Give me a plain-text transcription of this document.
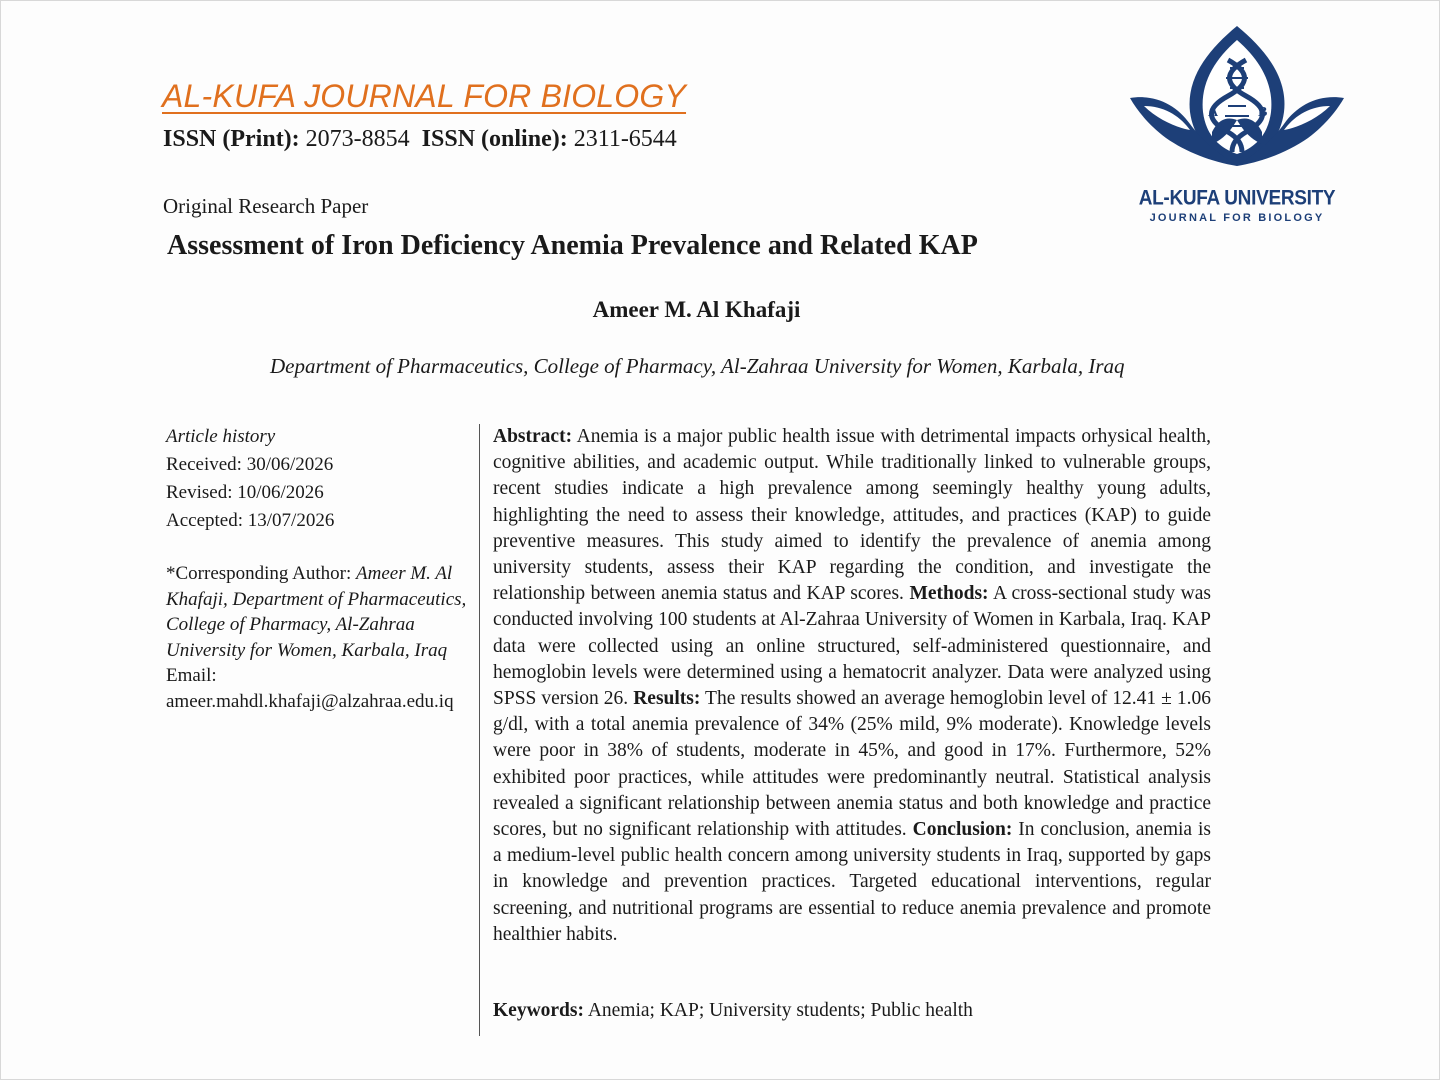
AL-KUFA JOURNAL FOR BIOLOGY
ISSN (Print): 2073-8854 ISSN (online): 2311-6544
A	B
AL-KUFA UNIVERSITY
JOURNAL FOR BIOLOGY
Original Research Paper
Assessment of Iron Deficiency Anemia Prevalence and Related KAP
Ameer M. Al Khafaji
Department of Pharmaceutics, College of Pharmacy, Al-Zahraa University for Women, Karbala, Iraq
Article history
Received: 30/06/2026
Revised: 10/06/2026
Accepted: 13/07/2026
*Corresponding Author: Ameer M. Al Khafaji, Department of Pharmaceutics, College of Pharmacy, Al-Zahraa University for Women, Karbala, Iraq
Email:
ameer.mahdl.khafaji@alzahraa.edu.iq

Abstract: Anemia is a major public health issue with detrimental impacts orhysical health, cognitive abilities, and academic output. While traditionally linked to vulnerable groups, recent studies indicate a high prevalence among seemingly healthy young adults, highlighting the need to assess their knowledge, attitudes, and practices (KAP) to guide preventive measures. This study aimed to identify the prevalence of anemia among university students, assess their KAP regarding the condition, and investigate the relationship between anemia status and KAP scores. Methods: A cross-sectional study was conducted involving 100 students at Al-Zahraa University of Women in Karbala, Iraq. KAP data were collected using an online structured, self-administered questionnaire, and hemoglobin levels were determined using a hematocrit analyzer. Data were analyzed using SPSS version 26. Results: The results showed an average hemoglobin level of 12.41 ± 1.06 g/dl, with a total anemia prevalence of 34% (25% mild, 9% moderate). Knowledge levels were poor in 38% of students, moderate in 45%, and good in 17%. Furthermore, 52% exhibited poor practices, while attitudes were predominantly neutral. Statistical analysis revealed a significant relationship between anemia status and both knowledge and practice scores, but no significant relationship with attitudes. Conclusion: In conclusion, anemia is a medium-level public health concern among university students in Iraq, supported by gaps in knowledge and prevention practices. Targeted educational interventions, regular screening, and nutritional programs are essential to reduce anemia prevalence and promote healthier habits.

Keywords: Anemia; KAP; University students; Public health
